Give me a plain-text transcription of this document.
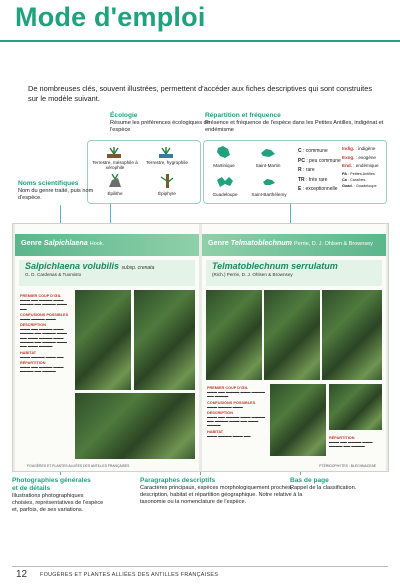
Mode d'emploi
De nombreuses clés, souvent illustrées, permettent d'accéder aux fiches descriptives qui sont construites sur le modèle suivant.
Écologie
Résume les préférences écologiques de l'espèce
Terrestre, mésophile à xérophile
Terrestre, hygrophile
Épilithe	Épiphyte
Répartition et fréquence
Présence et fréquence de l'espèce dans les Petites Antilles, indigénat et endémisme
Martinique	Saint-Martin
Guadeloupe	Saint-Barthélemy
C : commune
PC : peu commune
R : rare
TR : très rare
E : exceptionnelle
Indig. : indigène
Exog. : exogène
End. : endémique
PA : Petites Antilles
Ca : Caraïbes
Guad. : Guadeloupe
Noms scientifiques
Nom du genre traité, puis nom d'espèce.
Genre Salpichlaena Hook.
Salpichlaena volubilis subsp. crenata
G. D. Cardenas & Tuomisto
PREMIER COUP D'ŒIL
▬▬▬ ▬▬ ▬▬▬▬ ▬▬▬ ▬▬▬▬ ▬▬ ▬▬▬▬ ▬▬▬ ▬▬
CONFUSIONS POSSIBLES
▬▬▬ ▬▬▬▬ ▬▬▬
DESCRIPTION
▬▬▬ ▬▬ ▬▬▬▬ ▬▬▬ ▬▬▬▬ ▬▬ ▬▬▬▬ ▬▬▬ ▬▬ ▬▬▬ ▬▬▬▬ ▬▬▬ ▬▬▬▬ ▬▬ ▬▬▬▬ ▬▬▬ ▬▬ ▬▬▬ ▬▬▬▬
HABITAT
▬▬▬ ▬▬▬▬ ▬▬▬ ▬▬
RÉPARTITION
▬▬▬ ▬▬ ▬▬▬▬ ▬▬▬ ▬▬▬▬ ▬▬ ▬▬▬▬
FOUGÈRES ET PLANTES ALLIÉES DES ANTILLES FRANÇAISES
Genre Telmatoblechnum Perrie, D. J. Ohlsen & Brownsey
Telmatoblechnum serrulatum
(Rich.) Perrie, D. J. Ohlsen & Brownsey
PREMIER COUP D'ŒIL
▬▬▬ ▬▬ ▬▬▬▬ ▬▬▬ ▬▬▬▬ ▬▬ ▬▬▬▬
CONFUSIONS POSSIBLES
▬▬▬ ▬▬▬▬ ▬▬▬
DESCRIPTION
▬▬▬ ▬▬ ▬▬▬▬ ▬▬▬ ▬▬▬▬ ▬▬ ▬▬▬▬ ▬▬▬ ▬▬ ▬▬▬ ▬▬▬▬
HABITAT
▬▬▬ ▬▬▬▬ ▬▬▬ ▬▬
RÉPARTITION
▬▬▬ ▬▬ ▬▬▬▬ ▬▬▬ ▬▬▬▬ ▬▬ ▬▬▬▬
PTÉRIDOPHYTES : BLECHNACEAE
Photographies générales et de détails
Illustrations photographiques choisies, représentatives de l'espèce et, parfois, de ses variations.
Paragraphes descriptifs
Caractères principaux, espèces morphologiquement proches, description, habitat et répartition géographique. Notre relative à la taxonomie ou la nomenclature de l'espèce.
Bas de page
Rappel de la classification.
12 FOUGÈRES ET PLANTES ALLIÉES DES ANTILLES FRANÇAISES
